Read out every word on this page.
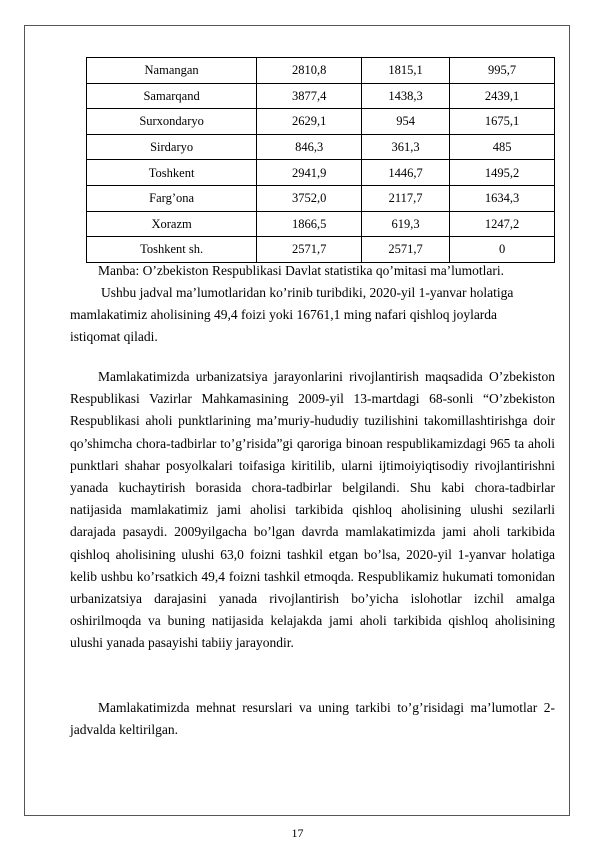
Namangan	2810,8	1815,1	995,7
Samarqand	3877,4	1438,3	2439,1
Surxondaryo	2629,1	954	1675,1
Sirdaryo	846,3	361,3	485
Toshkent	2941,9	1446,7	1495,2
Farg’ona	3752,0	2117,7	1634,3
Xorazm	1866,5	619,3	1247,2
Toshkent sh.	2571,7	2571,7	0
Manba: O’zbekiston Respublikasi Davlat statistika qo’mitasi ma’lumotlari.
Ushbu jadval ma’lumotlaridan ko’rinib turibdiki, 2020-yil 1-yanvar holatiga
mamlakatimiz aholisining 49,4 foizi yoki 16761,1 ming nafari qishloq joylarda
istiqomat qiladi.

Mamlakatimizda urbanizatsiya jarayonlarini rivojlantirish maqsadida O’zbekiston Respublikasi Vazirlar Mahkamasining 2009-yil 13-martdagi 68-sonli “O’zbekiston Respublikasi aholi punktlarining ma’muriy-hududiy tuzilishini takomillashtirishga doir qo’shimcha chora-tadbirlar to’g’risida”gi qaroriga binoan respublikamizdagi 965 ta aholi punktlari shahar posyolkalari toifasiga kiritilib, ularni ijtimoiyiqtisodiy rivojlantirishni yanada kuchaytirish borasida chora-tadbirlar belgilandi. Shu kabi chora-tadbirlar natijasida mamlakatimiz jami aholisi tarkibida qishloq aholisining ulushi sezilarli darajada pasaydi. 2009yilgacha bo’lgan davrda mamlakatimizda jami aholi tarkibida qishloq aholisining ulushi 63,0 foizni tashkil etgan bo’lsa, 2020-yil 1-yanvar holatiga kelib ushbu ko’rsatkich 49,4 foizni tashkil etmoqda. Respublikamiz hukumati tomonidan urbanizatsiya darajasini yanada rivojlantirish bo’yicha islohotlar izchil amalga oshirilmoqda va buning natijasida kelajakda jami aholi tarkibida qishloq aholisining ulushi yanada pasayishi tabiiy jarayondir.

Mamlakatimizda mehnat resurslari va uning tarkibi to’g’risidagi ma’lumotlar 2-jadvalda keltirilgan.

17
